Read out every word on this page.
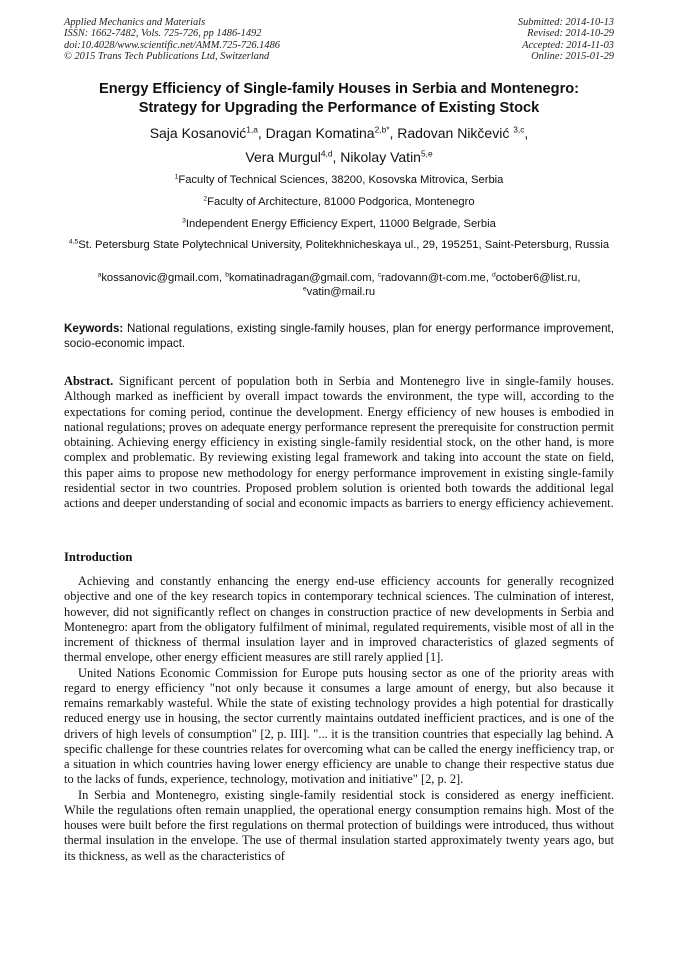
Applied Mechanics and Materials
ISSN: 1662-7482, Vols. 725-726, pp 1486-1492
doi:10.4028/www.scientific.net/AMM.725-726.1486
© 2015 Trans Tech Publications Ltd, Switzerland
Submitted: 2014-10-13
Revised: 2014-10-29
Accepted: 2014-11-03
Online: 2015-01-29
Energy Efficiency of Single-family Houses in Serbia and Montenegro:
Strategy for Upgrading the Performance of Existing Stock
Saja Kosanović$^{1,a}$, Dragan Komatina$^{2,b*}$, Radovan Nikčević $^{3,c}$,
Vera Murgul$^{4,d}$, Nikolay Vatin$^{5,e}$
$^1$Faculty of Technical Sciences, 38200, Kosovska Mitrovica, Serbia
$^2$Faculty of Architecture, 81000 Podgorica, Montenegro
$^3$Independent Energy Efficiency Expert, 11000 Belgrade, Serbia
$^{4,5}$St. Petersburg State Polytechnical University, Politekhnicheskaya ul., 29, 195251, Saint-Petersburg, Russia
$^a$kossanovic@gmail.com, $^b$komatinadragan@gmail.com, $^c$radovann@t-com.me, $^d$october6@list.ru,
$^e$vatin@mail.ru
Keywords: National regulations, existing single-family houses, plan for energy performance improvement, socio-economic impact.
Abstract. Significant percent of population both in Serbia and Montenegro live in single-family houses. Although marked as inefficient by overall impact towards the environment, the type will, according to the expectations for coming period, continue the development. Energy efficiency of new houses is embodied in national regulations; proves on adequate energy performance represent the prerequisite for construction permit obtaining. Achieving energy efficiency in existing single-family residential stock, on the other hand, is more complex and problematic. By reviewing existing legal framework and taking into account the state on field, this paper aims to propose new methodology for energy performance improvement in existing single-family residential sector in two countries. Proposed problem solution is oriented both towards the additional legal actions and deeper understanding of social and economic impacts as barriers to energy efficiency achievement.
Introduction

Achieving and constantly enhancing the energy end-use efficiency accounts for generally recognized objective and one of the key research topics in contemporary technical sciences. The culmination of interest, however, did not significantly reflect on changes in construction practice of new developments in Serbia and Montenegro: apart from the obligatory fulfilment of minimal, regulated requirements, visible most of all in the increment of thickness of thermal insulation layer and in improved characteristics of glazed segments of thermal envelope, other energy efficient measures are still rarely applied [1].

United Nations Economic Commission for Europe puts housing sector as one of the priority areas with regard to energy efficiency "not only because it consumes a large amount of energy, but also because it remains remarkably wasteful. While the state of existing technology provides a high potential for drastically reduced energy use in housing, the sector currently maintains outdated inefficient practices, and is one of the drivers of high levels of consumption" [2, p. III]. "... it is the transition countries that especially lag behind. A specific challenge for these countries relates for overcoming what can be called the energy inefficiency trap, or a situation in which countries having lower energy efficiency are unable to change their respective status due to the lacks of funds, experience, technology, motivation and initiative" [2, p. 2].

In Serbia and Montenegro, existing single-family residential stock is considered as energy inefficient. While the regulations often remain unapplied, the operational energy consumption remains high. Most of the houses were built before the first regulations on thermal protection of buildings were introduced, thus without thermal insulation in the envelope. The use of thermal insulation started approximately twenty years ago, but its thickness, as well as the characteristics of
